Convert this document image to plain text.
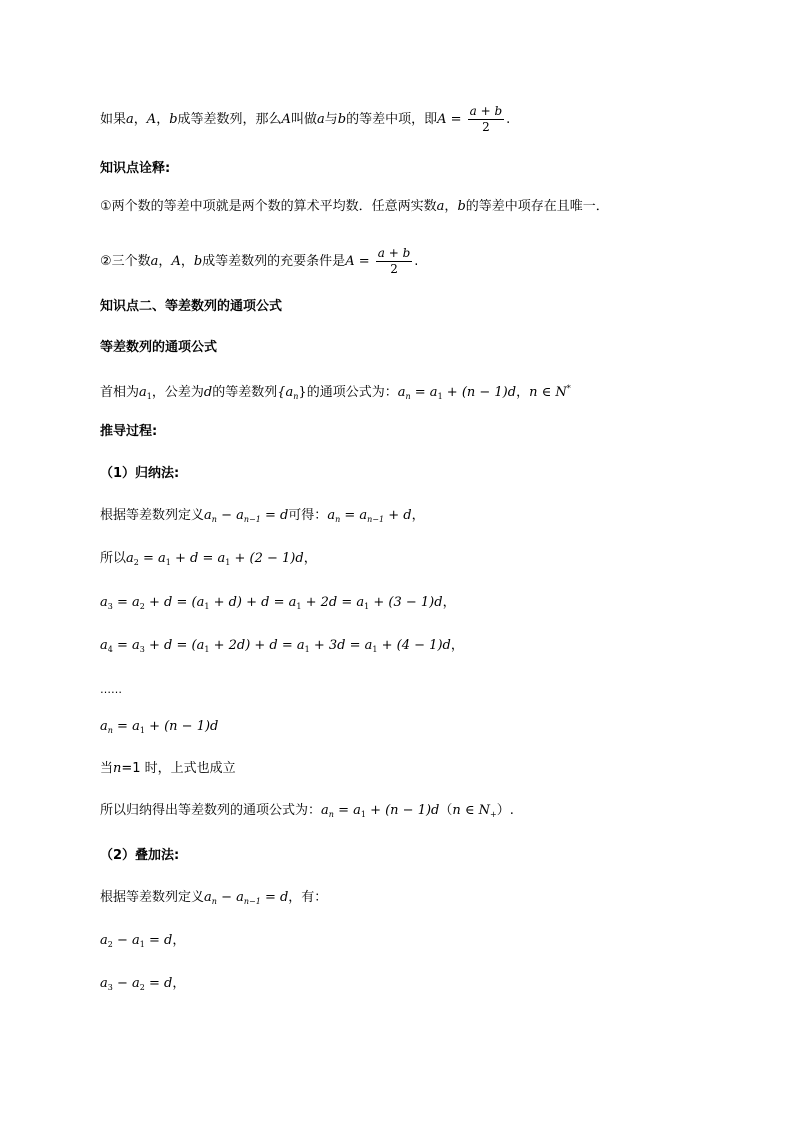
如果a，A，b成等差数列，那么A叫做a与b的等差中项，即$A = \frac{a + b}{2}$ .
知识点诠释:
①两个数的等差中项就是两个数的算术平均数．任意两实数a，b的等差中项存在且唯一．
②三个数a，A，b成等差数列的充要条件是$A = \frac{a + b}{2}$ .
知识点二、等差数列的通项公式
等差数列的通项公式
首相为$a_1$，公差为d的等差数列$\{a_n\}$的通项公式为：$a_n = a_1 + (n - 1)d$，n ∈ N*
推导过程:
（1）归纳法:
根据等差数列定义$a_n - a_{n-1} = d$可得：$a_n = a_{n-1} + d$，
所以$a_2 = a_1 + d = a_1 + (2 - 1)d$，
$a_3 = a_2 + d = (a_1 + d) + d = a_1 + 2d = a_1 + (3 - 1)d$，
$a_4 = a_3 + d = (a_1 + 2d) + d = a_1 + 3d = a_1 + (4 - 1)d$，
……
$a_n = a_1 + (n - 1)d$
当n=1 时，上式也成立
所以归纳得出等差数列的通项公式为：$a_n = a_1 + (n - 1)d(n$ ∈ $N_+$）.
（2）叠加法:
根据等差数列定义$a_n - a_{n-1} = d$，有：
$a_2 - a_1 = d$，
$a_3 - a_2 = d$，
